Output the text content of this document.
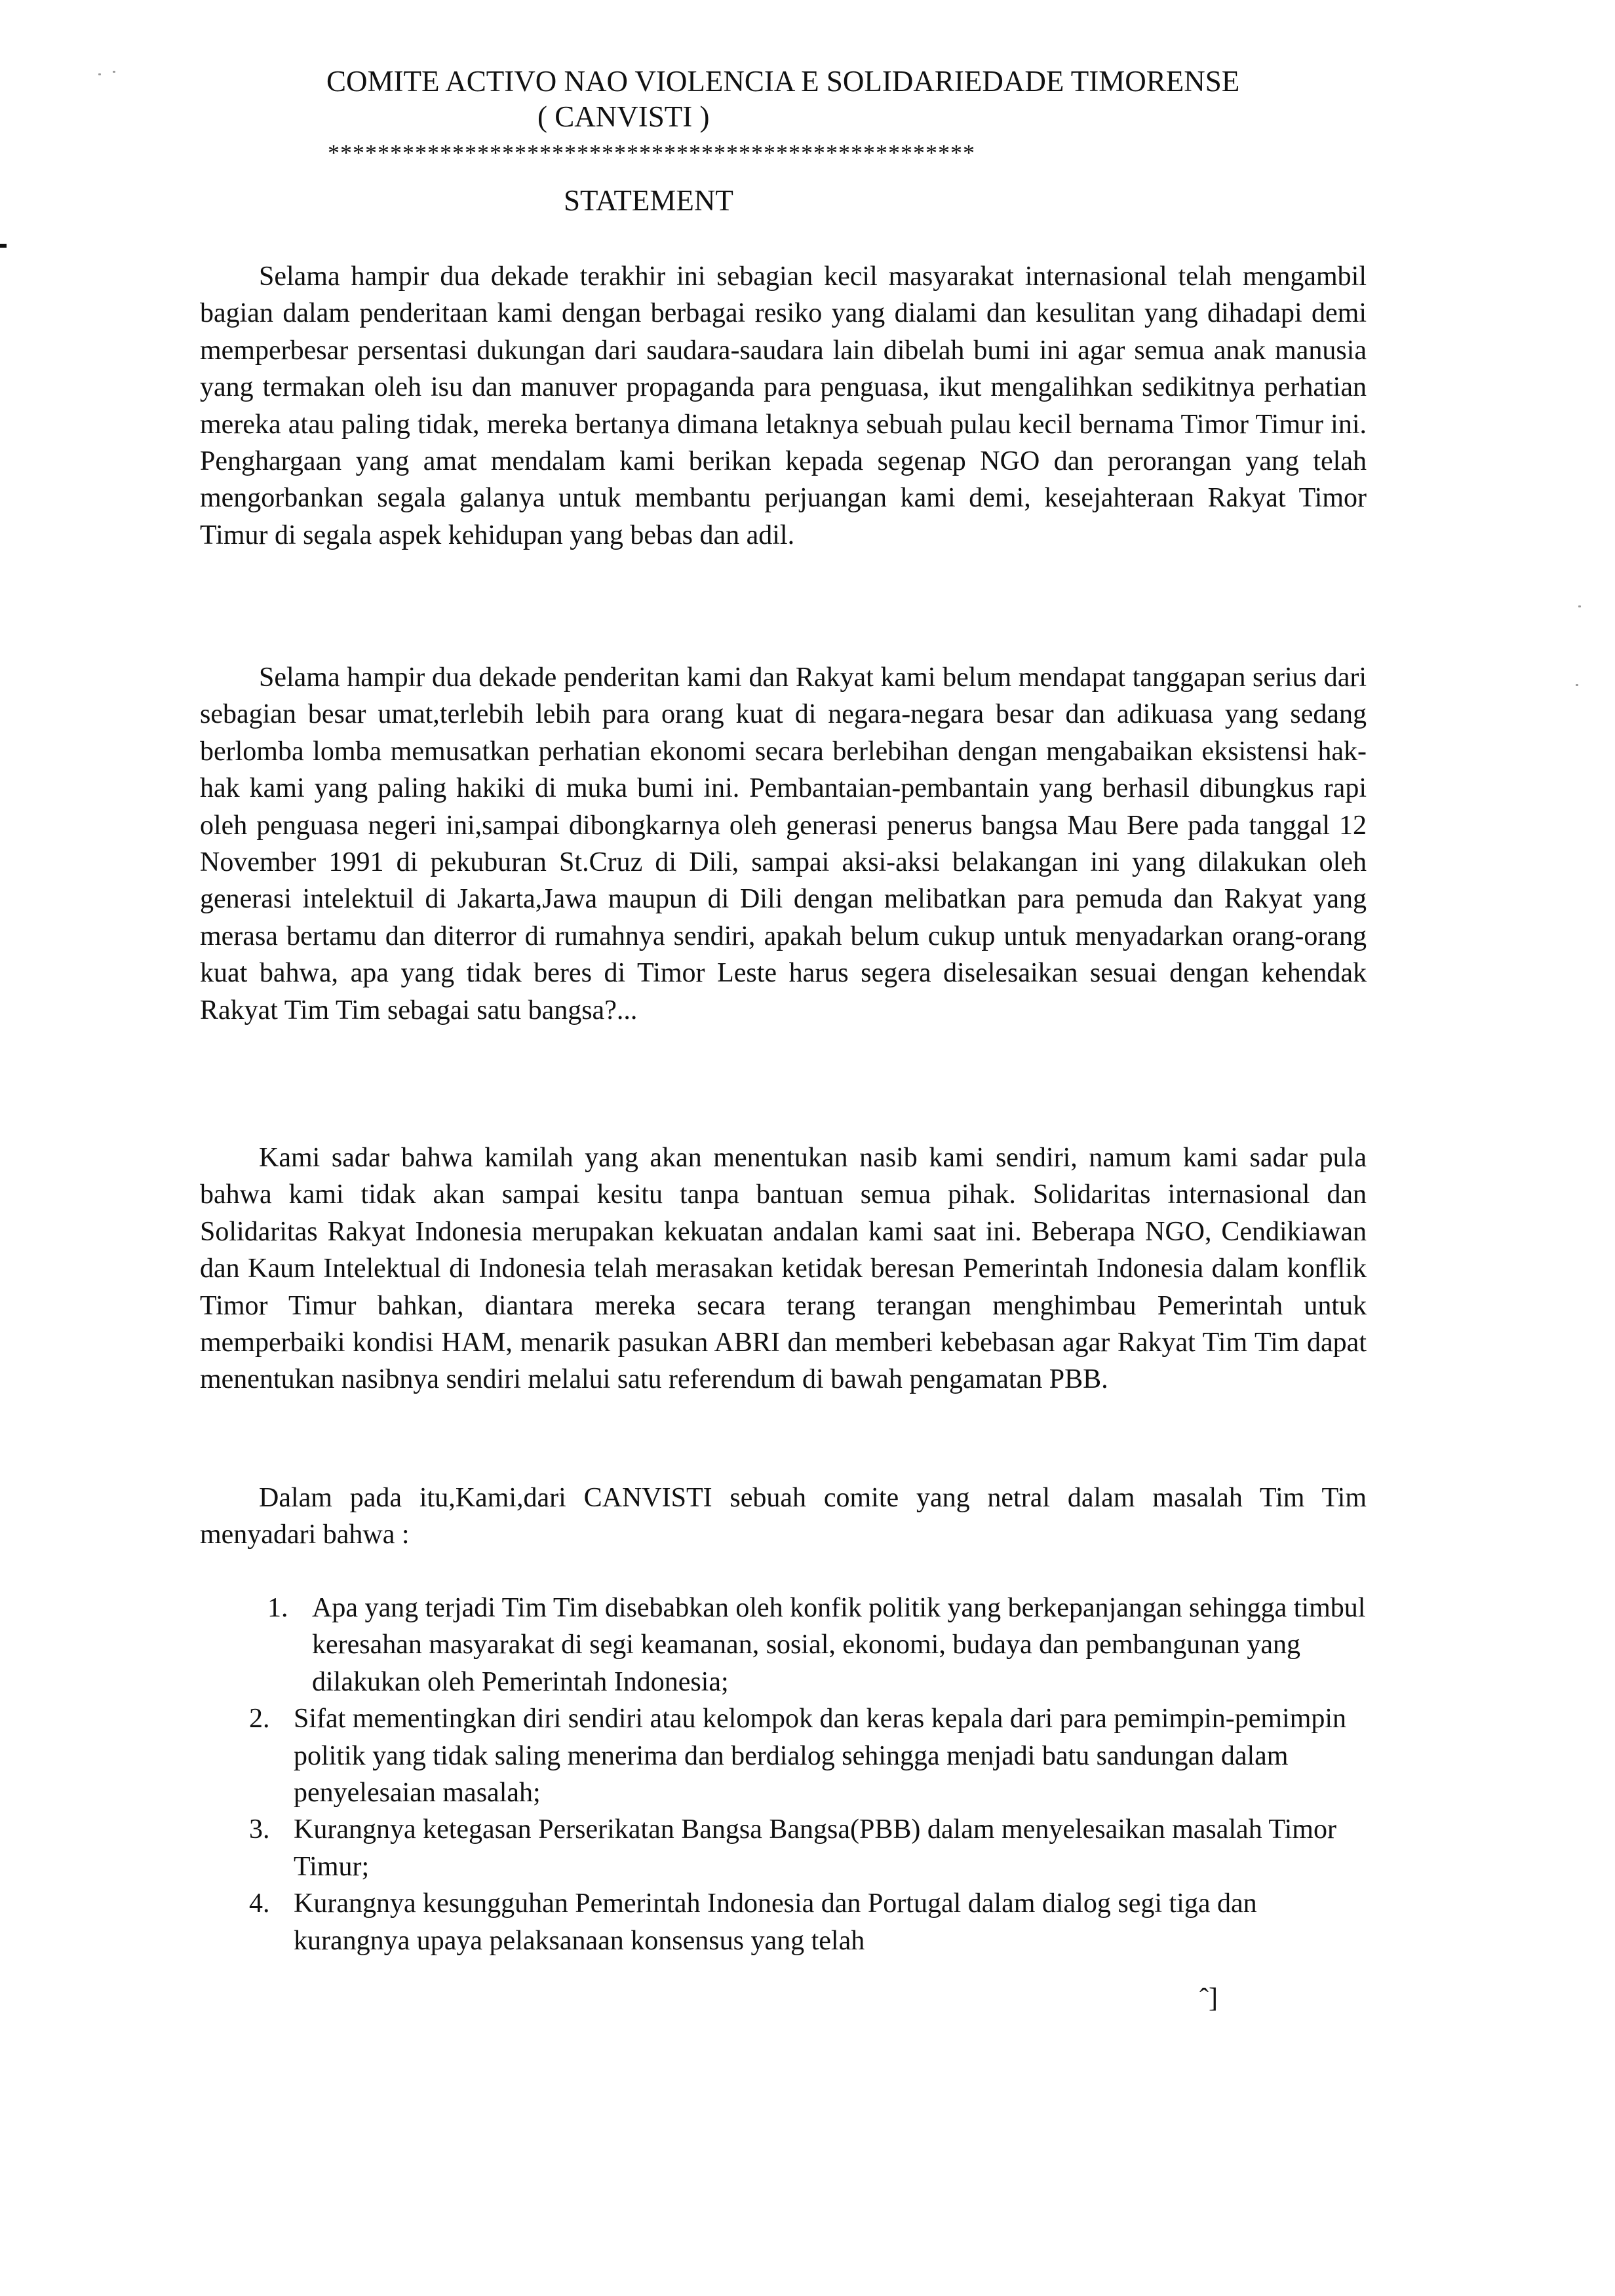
COMITE ACTIVO NAO VIOLENCIA E SOLIDARIEDADE TIMORENSE
( CANVISTI )
****************************************************
STATEMENT

Selama hampir dua dekade terakhir ini sebagian kecil masyarakat internasional telah mengambil bagian dalam penderitaan kami dengan berbagai resiko yang dialami dan kesulitan yang dihadapi demi memperbesar persentasi dukungan dari saudara-saudara lain dibelah bumi ini agar semua anak manusia yang termakan oleh isu dan manuver propaganda para penguasa, ikut mengalihkan sedikitnya perhatian mereka atau paling tidak, mereka bertanya dimana letaknya sebuah pulau kecil bernama Timor Timur ini. Penghargaan yang amat mendalam kami berikan kepada segenap NGO dan perorangan yang telah mengorbankan segala galanya untuk membantu perjuangan kami demi, kesejahteraan Rakyat Timor Timur di segala aspek kehidupan yang bebas dan adil.

Selama hampir dua dekade penderitan kami dan Rakyat kami belum mendapat tanggapan serius dari sebagian besar umat,terlebih lebih para orang kuat di negara-negara besar dan adikuasa yang sedang berlomba lomba memusatkan perhatian ekonomi secara berlebihan dengan mengabaikan eksistensi hak-hak kami yang paling hakiki di muka bumi ini. Pembantaian-pembantain yang berhasil dibungkus rapi oleh penguasa negeri ini,sampai dibongkarnya oleh generasi penerus bangsa Mau Bere pada tanggal 12 November 1991 di pekuburan St.Cruz di Dili, sampai aksi-aksi belakangan ini yang dilakukan oleh generasi intelektuil di Jakarta,Jawa maupun di Dili dengan melibatkan para pemuda dan Rakyat yang merasa bertamu dan diterror di rumahnya sendiri, apakah belum cukup untuk menyadarkan orang-orang kuat bahwa, apa yang tidak beres di Timor Leste harus segera diselesaikan sesuai dengan kehendak Rakyat Tim Tim sebagai satu bangsa?...

Kami sadar bahwa kamilah yang akan menentukan nasib kami sendiri, namum kami sadar pula bahwa kami tidak akan sampai kesitu tanpa bantuan semua pihak. Solidaritas internasional dan Solidaritas Rakyat Indonesia merupakan kekuatan andalan kami saat ini. Beberapa NGO, Cendikiawan dan Kaum Intelektual di Indonesia telah merasakan ketidak beresan Pemerintah Indonesia dalam konflik Timor Timur bahkan, diantara mereka secara terang terangan menghimbau Pemerintah untuk memperbaiki kondisi HAM, menarik pasukan ABRI dan memberi kebebasan agar Rakyat Tim Tim dapat menentukan nasibnya sendiri melalui satu referendum di bawah pengamatan PBB.

Dalam pada itu,Kami,dari CANVISTI sebuah comite yang netral dalam masalah Tim Tim menyadari bahwa :

1. Apa yang terjadi Tim Tim disebabkan oleh konfik politik yang berkepanjangan sehingga timbul keresahan masyarakat di segi keamanan, sosial, ekonomi, budaya dan pembangunan yang dilakukan oleh Pemerintah Indonesia;
2. Sifat mementingkan diri sendiri atau kelompok dan keras kepala dari para pemimpin-pemimpin politik yang tidak saling menerima dan berdialog sehingga menjadi batu sandungan dalam penyelesaian masalah;
3. Kurangnya ketegasan Perserikatan Bangsa Bangsa(PBB) dalam menyelesaikan masalah Timor Timur;
4. Kurangnya kesungguhan Pemerintah Indonesia dan Portugal dalam dialog segi tiga dan kurangnya upaya pelaksanaan konsensus yang telah
ˆ]
